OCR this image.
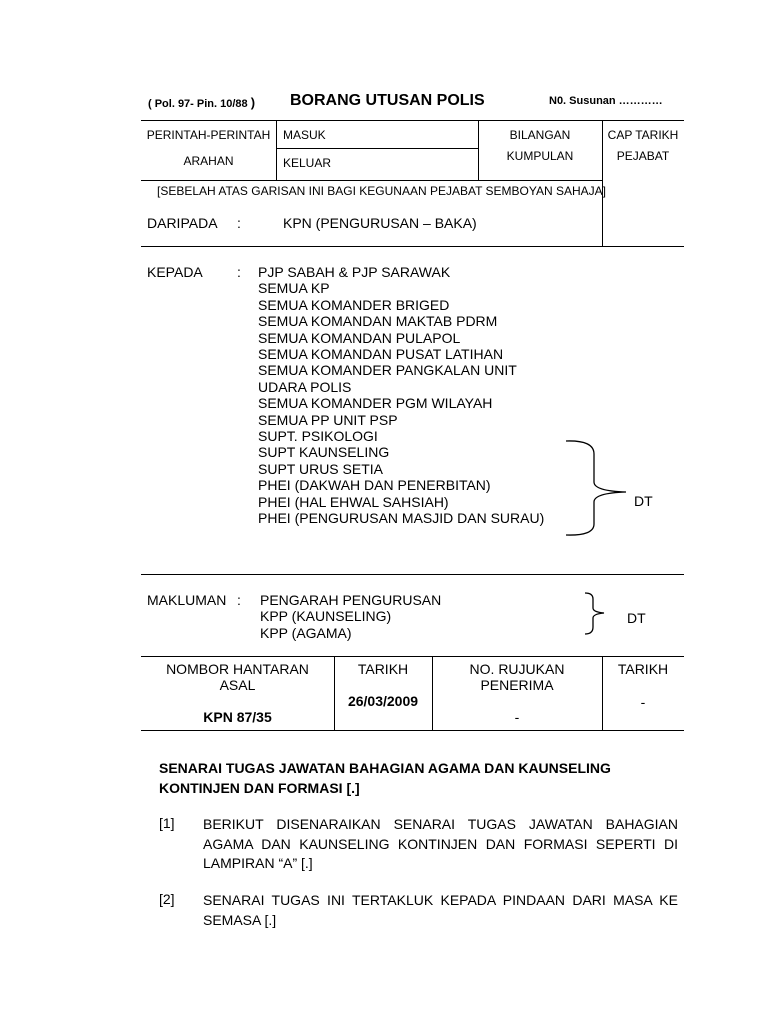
( Pol. 97- Pin. 10/88 ) BORANG UTUSAN POLIS	N0. Susunan …………
PERINTAH-PERINTAH
ARAHAN
MASUK
KELUAR
BILANGAN
KUMPULAN
CAP TARIKH
PEJABAT
[SEBELAH ATAS GARISAN INI BAGI KEGUNAAN PEJABAT SEMBOYAN SAHAJA]
DARIPADA :	KPN (PENGURUSAN – BAKA)
KEPADA : PJP SABAH & PJP SARAWAK
SEMUA KP
SEMUA KOMANDER BRIGED
SEMUA KOMANDAN MAKTAB PDRM
SEMUA KOMANDAN PULAPOL
SEMUA KOMANDAN PUSAT LATIHAN
SEMUA KOMANDER PANGKALAN UNIT
UDARA POLIS
SEMUA KOMANDER PGM WILAYAH
SEMUA PP UNIT PSP
SUPT. PSIKOLOGI
SUPT KAUNSELING
SUPT URUS SETIA
PHEI (DAKWAH DAN PENERBITAN)
PHEI (HAL EHWAL SAHSIAH)
PHEI (PENGURUSAN MASJID DAN SURAU)
DT
MAKLUMAN : PENGARAH PENGURUSAN
KPP (KAUNSELING)
KPP (AGAMA)
DT
NOMBOR HANTARAN
ASAL
KPN 87/35
TARIKH
26/03/2009
NO. RUJUKAN
PENERIMA
-
TARIKH
-
SENARAI TUGAS JAWATAN BAHAGIAN AGAMA DAN KAUNSELING
KONTINJEN DAN FORMASI [.]
[1] BERIKUT DISENARAIKAN SENARAI TUGAS JAWATAN BAHAGIAN
AGAMA DAN KAUNSELING KONTINJEN DAN FORMASI SEPERTI DI
LAMPIRAN “A” [.]
[2] SENARAI TUGAS INI TERTAKLUK KEPADA PINDAAN DARI MASA KE
SEMASA [.]
